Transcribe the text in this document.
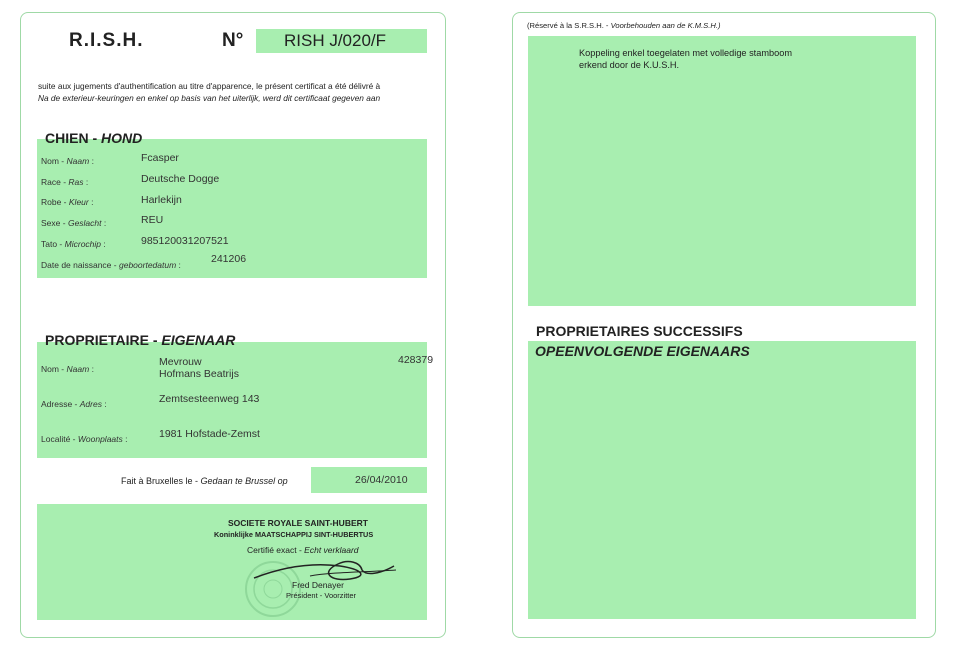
R.I.S.H.	N° RISH J/020/F
suite aux jugements d'authentification au titre d'apparence, le présent certificat a été délivré à
Na de exterieur-keuringen en enkel op basis van het uiterlijk, werd dit certificaat gegeven aan
CHIEN - HOND
Nom - Naam :	Fcasper
Race - Ras :	Deutsche Dogge
Robe - Kleur :	Harlekijn
Sexe - Geslacht :	REU
Tato - Microchip :	985120031207521
Date de naissance - geboortedatum :	241206
PROPRIETAIRE - EIGENAAR
Nom - Naam :
Mevrouw
Hofmans Beatrijs
428379
Adresse - Adres :	Zemtsesteenweg 143
Localité - Woonplaats :	1981 Hofstade-Zemst
Fait à Bruxelles le - Gedaan te Brussel op	26/04/2010
SOCIETE ROYALE SAINT-HUBERT
Koninklijke MAATSCHAPPIJ SINT-HUBERTUS
Certifié exact - Echt verklaard
Fred Denayer
Président - Voorzitter
(Réservé à la S.R.S.H. - Voorbehouden aan de K.M.S.H.)
Koppeling enkel toegelaten met volledige stamboom
erkend door de K.U.S.H.
PROPRIETAIRES SUCCESSIFS
OPEENVOLGENDE EIGENAARS
